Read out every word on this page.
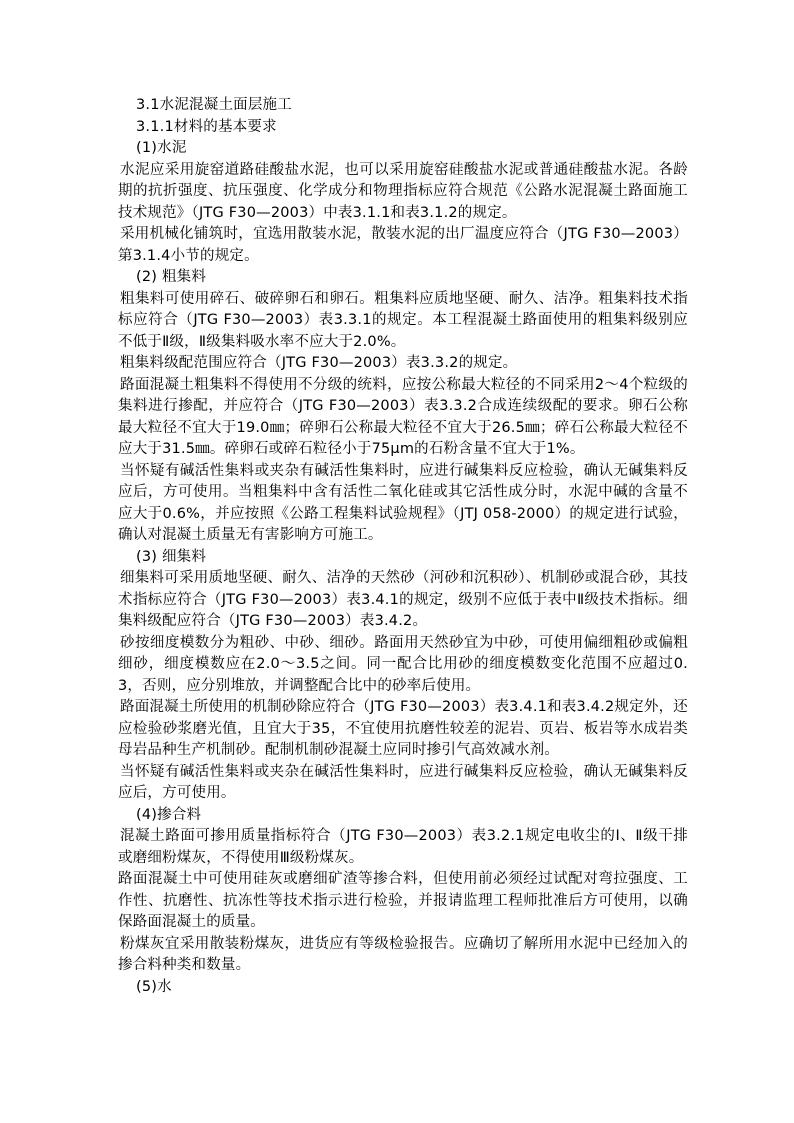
3.1水泥混凝土面层施工

3.1.1材料的基本要求

(1)水泥

水泥应采用旋窑道路硅酸盐水泥，也可以采用旋窑硅酸盐水泥或普通硅酸盐水泥。各龄期的抗折强度、抗压强度、化学成分和物理指标应符合规范《公路水泥混凝土路面施工技术规范》（JTG F30—2003）中表3.1.1和表3.1.2的规定。

采用机械化铺筑时，宜选用散装水泥，散装水泥的出厂温度应符合（JTG F30—2003）第3.1.4小节的规定。

(2) 粗集料

粗集料可使用碎石、破碎卵石和卵石。粗集料应质地坚硬、耐久、洁净。粗集料技术指标应符合（JTG F30—2003）表3.3.1的规定。本工程混凝土路面使用的粗集料级别应不低于Ⅱ级，Ⅱ级集料吸水率不应大于2.0%。

粗集料级配范围应符合（JTG F30—2003）表3.3.2的规定。

路面混凝土粗集料不得使用不分级的统料，应按公称最大粒径的不同采用2～4个粒级的集料进行掺配，并应符合（JTG F30—2003）表3.3.2合成连续级配的要求。卵石公称最大粒径不宜大于19.0㎜；碎卵石公称最大粒径不宜大于26.5㎜；碎石公称最大粒径不应大于31.5㎜。碎卵石或碎石粒径小于75μm的石粉含量不宜大于1%。

当怀疑有碱活性集料或夹杂有碱活性集料时，应进行碱集料反应检验，确认无碱集料反应后，方可使用。当粗集料中含有活性二氧化硅或其它活性成分时，水泥中碱的含量不应大于0.6%，并应按照《公路工程集料试验规程》（JTJ 058-2000）的规定进行试验，确认对混凝土质量无有害影响方可施工。

(3) 细集料

细集料可采用质地坚硬、耐久、洁净的天然砂（河砂和沉积砂）、机制砂或混合砂，其技术指标应符合（JTG F30—2003）表3.4.1的规定，级别不应低于表中Ⅱ级技术指标。细集料级配应符合（JTG F30—2003）表3.4.2。

砂按细度模数分为粗砂、中砂、细砂。路面用天然砂宜为中砂，可使用偏细粗砂或偏粗细砂，细度模数应在2.0～3.5之间。同一配合比用砂的细度模数变化范围不应超过0.3，否则，应分别堆放，并调整配合比中的砂率后使用。

路面混凝土所使用的机制砂除应符合（JTG F30—2003）表3.4.1和表3.4.2规定外，还应检验砂浆磨光值，且宜大于35，不宜使用抗磨性较差的泥岩、页岩、板岩等水成岩类母岩品种生产机制砂。配制机制砂混凝土应同时掺引气高效减水剂。

当怀疑有碱活性集料或夹杂在碱活性集料时，应进行碱集料反应检验，确认无碱集料反应后，方可使用。

(4)掺合料

混凝土路面可掺用质量指标符合（JTG F30—2003）表3.2.1规定电收尘的Ⅰ、Ⅱ级干排或磨细粉煤灰，不得使用Ⅲ级粉煤灰。

路面混凝土中可使用硅灰或磨细矿渣等掺合料，但使用前必须经过试配对弯拉强度、工作性、抗磨性、抗冻性等技术指示进行检验，并报请监理工程师批准后方可使用，以确保路面混凝土的质量。

粉煤灰宜采用散装粉煤灰，进货应有等级检验报告。应确切了解所用水泥中已经加入的掺合料种类和数量。

(5)水
